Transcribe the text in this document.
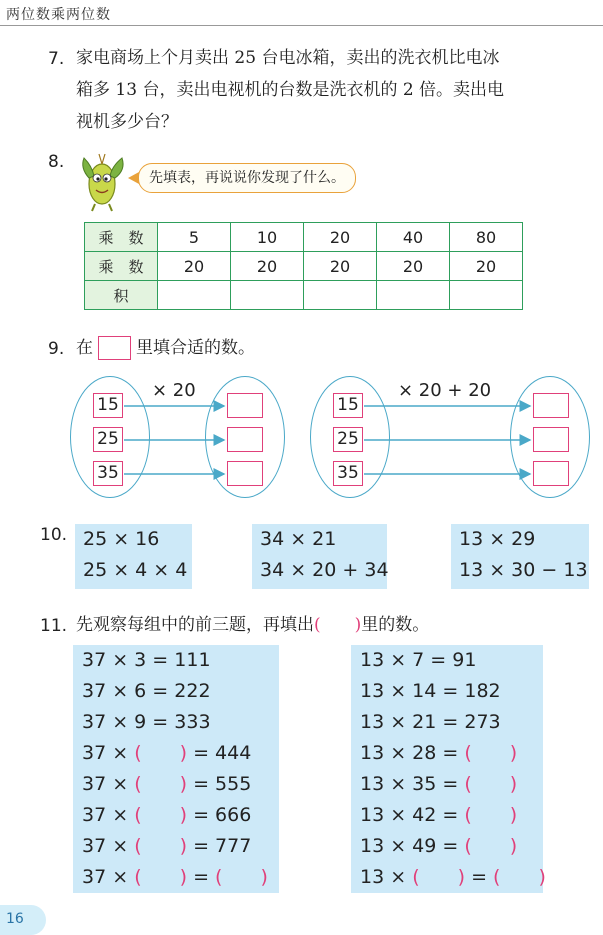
两位数乘两位数
7. 家电商场上个月卖出 25 台电冰箱，卖出的洗衣机比电冰
箱多 13 台，卖出电视机的台数是洗衣机的 2 倍。卖出电
视机多少台？
8.
先填表，再说说你发现了什么。
乘　数	5	10	20	40	80
乘　数	20	20	20	20	20
积					
9. 在	里填合适的数。
× 20
15
25
35
× 20 + 20
15
25
35
10. 25 × 16
25 × 4 × 4
34 × 21
34 × 20 + 34
13 × 29
13 × 30 − 13
11. 先观察每组中的前三题，再填出(　　)里的数。
37 × 3 = 111
37 × 6 = 222
37 × 9 = 333
37 × (　　) = 444
37 × (　　) = 555
37 × (　　) = 666
37 × (　　) = 777
37 × (　　) = (　　)
13 × 7 = 91
13 × 14 = 182
13 × 21 = 273
13 × 28 = (　　)
13 × 35 = (　　)
13 × 42 = (　　)
13 × 49 = (　　)
13 × (　　) = (　　)
16
